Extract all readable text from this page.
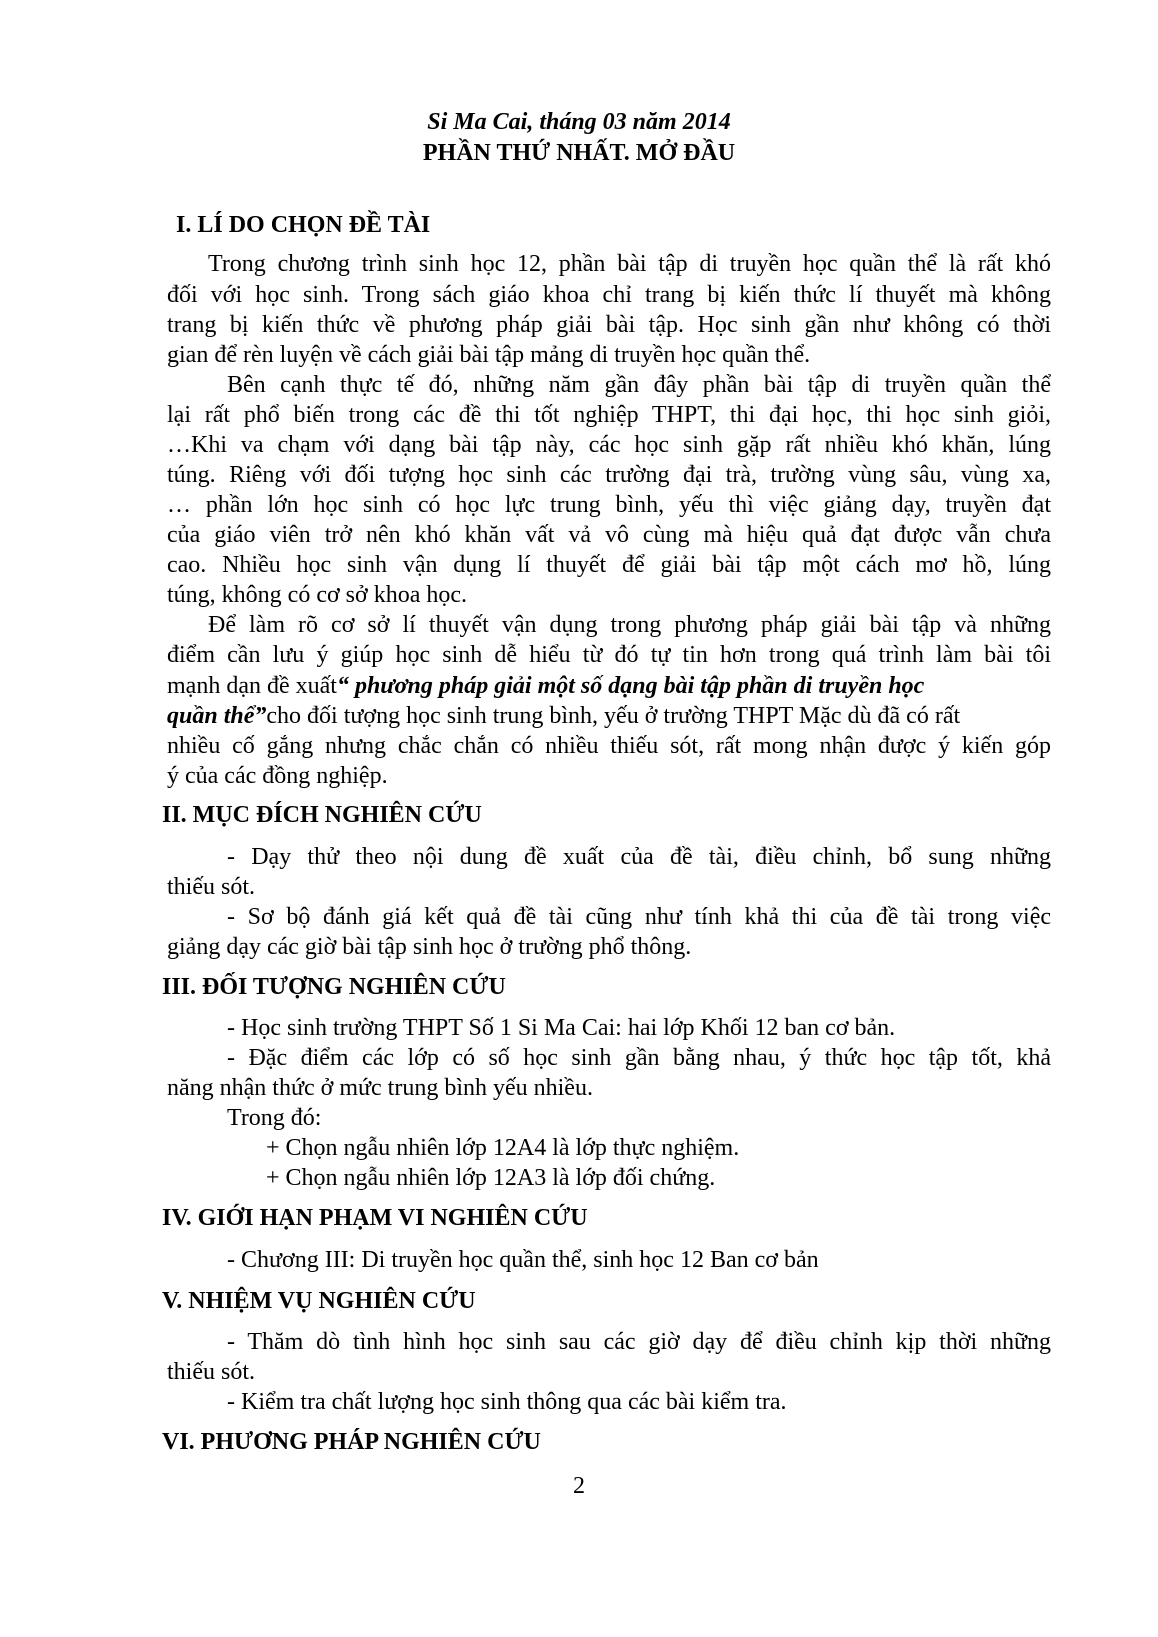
Si Ma Cai, tháng 03 năm 2014
PHẦN THỨ NHẤT. MỞ ĐẦU
I. LÍ DO CHỌN ĐỀ TÀI
Trong chương trình sinh học 12, phần bài tập di truyền học quần thể là rất khó
đối với học sinh. Trong sách giáo khoa chỉ trang bị kiến thức lí thuyết mà không
trang bị kiến thức về phương pháp giải bài tập. Học sinh gần như không có thời
gian để rèn luyện về cách giải bài tập mảng di truyền học quần thể.
Bên cạnh thực tế đó, những năm gần đây phần bài tập di truyền quần thể
lại rất phổ biến trong các đề thi tốt nghiệp THPT, thi đại học, thi học sinh giỏi,
…Khi va chạm với dạng bài tập này, các học sinh gặp rất nhiều khó khăn, lúng
túng. Riêng với đối tượng học sinh các trường đại trà, trường vùng sâu, vùng xa,
… phần lớn học sinh có học lực trung bình, yếu thì việc giảng dạy, truyền đạt
của giáo viên trở nên khó khăn vất vả vô cùng mà hiệu quả đạt được vẫn chưa
cao. Nhiều học sinh vận dụng lí thuyết để giải bài tập một cách mơ hồ, lúng
túng, không có cơ sở khoa học.
Để làm rõ cơ sở lí thuyết vận dụng trong phương pháp giải bài tập và những
điểm cần lưu ý giúp học sinh dễ hiểu từ đó tự tin hơn trong quá trình làm bài tôi
mạnh dạn đề xuất“ phương pháp giải một số dạng bài tập phần di truyền học
quần thể”cho đối tượng học sinh trung bình, yếu ở trường THPT Mặc dù đã có rất
nhiều cố gắng nhưng chắc chắn có nhiều thiếu sót, rất mong nhận được ý kiến góp
ý của các đồng nghiệp.
II. MỤC ĐÍCH NGHIÊN CỨU
- Dạy thử theo nội dung đề xuất của đề tài, điều chỉnh, bổ sung những
thiếu sót.
- Sơ bộ đánh giá kết quả đề tài cũng như tính khả thi của đề tài trong việc
giảng dạy các giờ bài tập sinh học ở trường phổ thông.
III. ĐỐI TƯỢNG NGHIÊN CỨU
- Học sinh trường THPT Số 1 Si Ma Cai: hai lớp Khối 12 ban cơ bản.
- Đặc điểm các lớp có số học sinh gần bằng nhau, ý thức học tập tốt, khả
năng nhận thức ở mức trung bình yếu nhiều.
Trong đó:
+ Chọn ngẫu nhiên lớp 12A4 là lớp thực nghiệm.
+ Chọn ngẫu nhiên lớp 12A3 là lớp đối chứng.
IV. GIỚI HẠN PHẠM VI NGHIÊN CỨU
- Chương III: Di truyền học quần thể, sinh học 12 Ban cơ bản
V. NHIỆM VỤ NGHIÊN CỨU
- Thăm dò tình hình học sinh sau các giờ dạy để điều chỉnh kịp thời những
thiếu sót.
- Kiểm tra chất lượng học sinh thông qua các bài kiểm tra.
VI. PHƯƠNG PHÁP NGHIÊN CỨU
2
